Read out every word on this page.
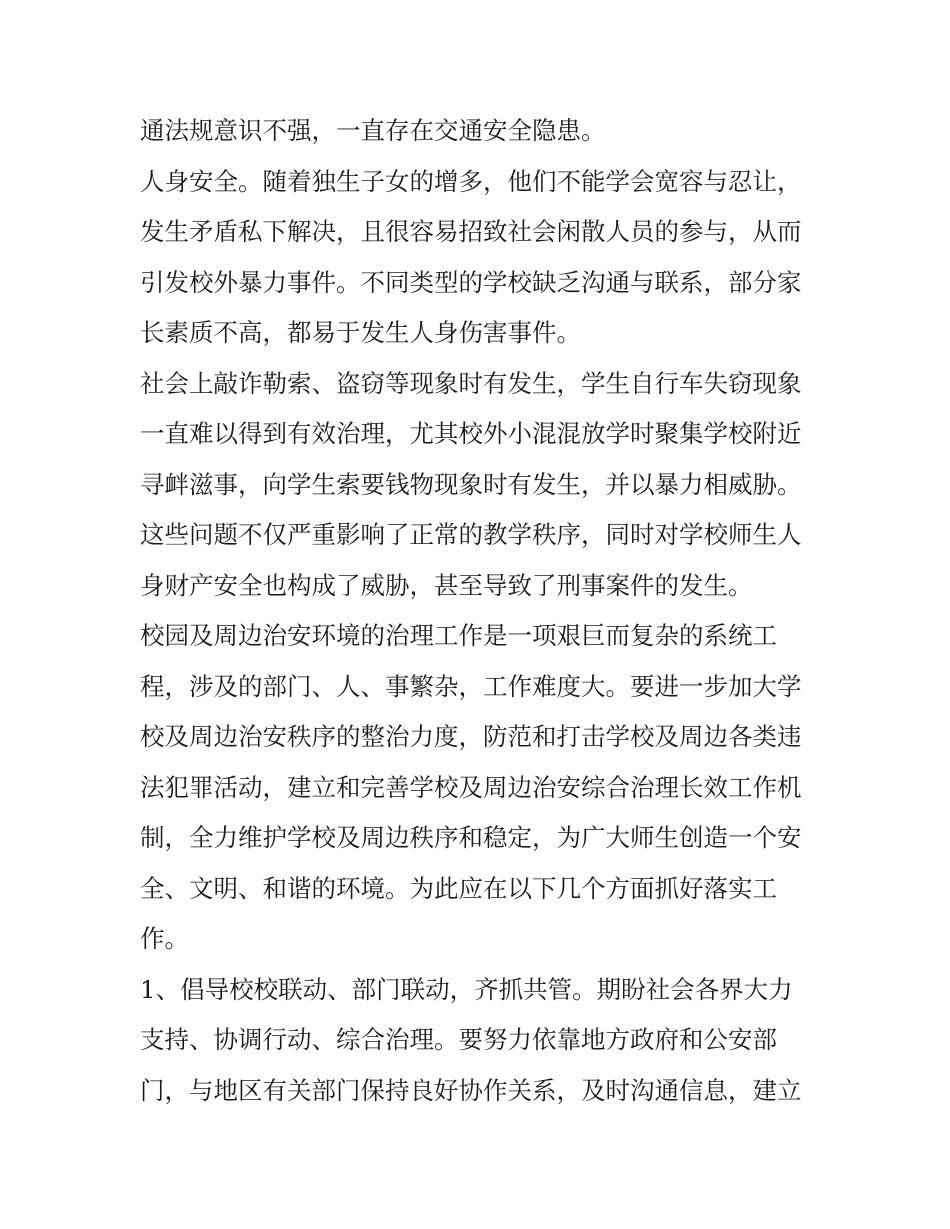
通法规意识不强，一直存在交通安全隐患。
人身安全。随着独生子女的增多，他们不能学会宽容与忍让，
发生矛盾私下解决，且很容易招致社会闲散人员的参与，从而
引发校外暴力事件。不同类型的学校缺乏沟通与联系，部分家
长素质不高，都易于发生人身伤害事件。
社会上敲诈勒索、盗窃等现象时有发生，学生自行车失窃现象
一直难以得到有效治理，尤其校外小混混放学时聚集学校附近
寻衅滋事，向学生索要钱物现象时有发生，并以暴力相威胁。
这些问题不仅严重影响了正常的教学秩序，同时对学校师生人
身财产安全也构成了威胁，甚至导致了刑事案件的发生。
校园及周边治安环境的治理工作是一项艰巨而复杂的系统工
程，涉及的部门、人、事繁杂，工作难度大。要进一步加大学
校及周边治安秩序的整治力度，防范和打击学校及周边各类违
法犯罪活动，建立和完善学校及周边治安综合治理长效工作机
制，全力维护学校及周边秩序和稳定，为广大师生创造一个安
全、文明、和谐的环境。为此应在以下几个方面抓好落实工
作。
1、倡导校校联动、部门联动，齐抓共管。期盼社会各界大力
支持、协调行动、综合治理。要努力依靠地方政府和公安部
门，与地区有关部门保持良好协作关系，及时沟通信息，建立
